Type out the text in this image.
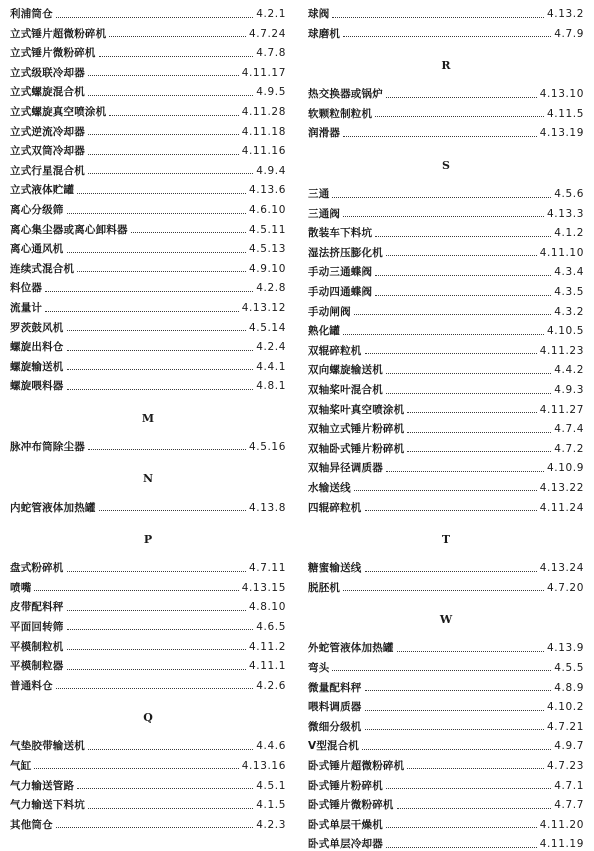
利浦筒仓	4.2.1
立式锤片超微粉碎机	4.7.24
立式锤片微粉碎机	4.7.8
立式级联冷却器	4.11.17
立式螺旋混合机	4.9.5
立式螺旋真空喷涂机	4.11.28
立式逆流冷却器	4.11.18
立式双筒冷却器	4.11.16
立式行星混合机	4.9.4
立式液体贮罐	4.13.6
离心分级筛	4.6.10
离心集尘器或离心卸料器	4.5.11
离心通风机	4.5.13
连续式混合机	4.9.10
料位器	4.2.8
流量计	4.13.12
罗茨鼓风机	4.5.14
螺旋出料仓	4.2.4
螺旋输送机	4.4.1
螺旋喂料器	4.8.1
M
脉冲布筒除尘器	4.5.16
N
内蛇管液体加热罐	4.13.8
P
盘式粉碎机	4.7.11
喷嘴	4.13.15
皮带配料秤	4.8.10
平面回转筛	4.6.5
平模制粒机	4.11.2
平模制粒器	4.11.1
普通料仓	4.2.6
Q
气垫胶带输送机	4.4.6
气缸	4.13.16
气力输送管路	4.5.1
气力输送下料坑	4.1.5
其他筒仓	4.2.3
球阀	4.13.2
球磨机	4.7.9
R
热交换器或锅炉	4.13.10
软颗粒制粒机	4.11.5
润滑器	4.13.19
S
三通	4.5.6
三通阀	4.13.3
散装车下料坑	4.1.2
湿法挤压膨化机	4.11.10
手动三通蝶阀	4.3.4
手动四通蝶阀	4.3.5
手动闸阀	4.3.2
熟化罐	4.10.5
双辊碎粒机	4.11.23
双向螺旋输送机	4.4.2
双轴桨叶混合机	4.9.3
双轴桨叶真空喷涂机	4.11.27
双轴立式锤片粉碎机	4.7.4
双轴卧式锤片粉碎机	4.7.2
双轴异径调质器	4.10.9
水输送线	4.13.22
四辊碎粒机	4.11.24
T
糖蜜输送线	4.13.24
脱胚机	4.7.20
W
外蛇管液体加热罐	4.13.9
弯头	4.5.5
微量配料秤	4.8.9
喂料调质器	4.10.2
微细分级机	4.7.21
V型混合机	4.9.7
卧式锤片超微粉碎机	4.7.23
卧式锤片粉碎机	4.7.1
卧式锤片微粉碎机	4.7.7
卧式单层干燥机	4.11.20
卧式单层冷却器	4.11.19
